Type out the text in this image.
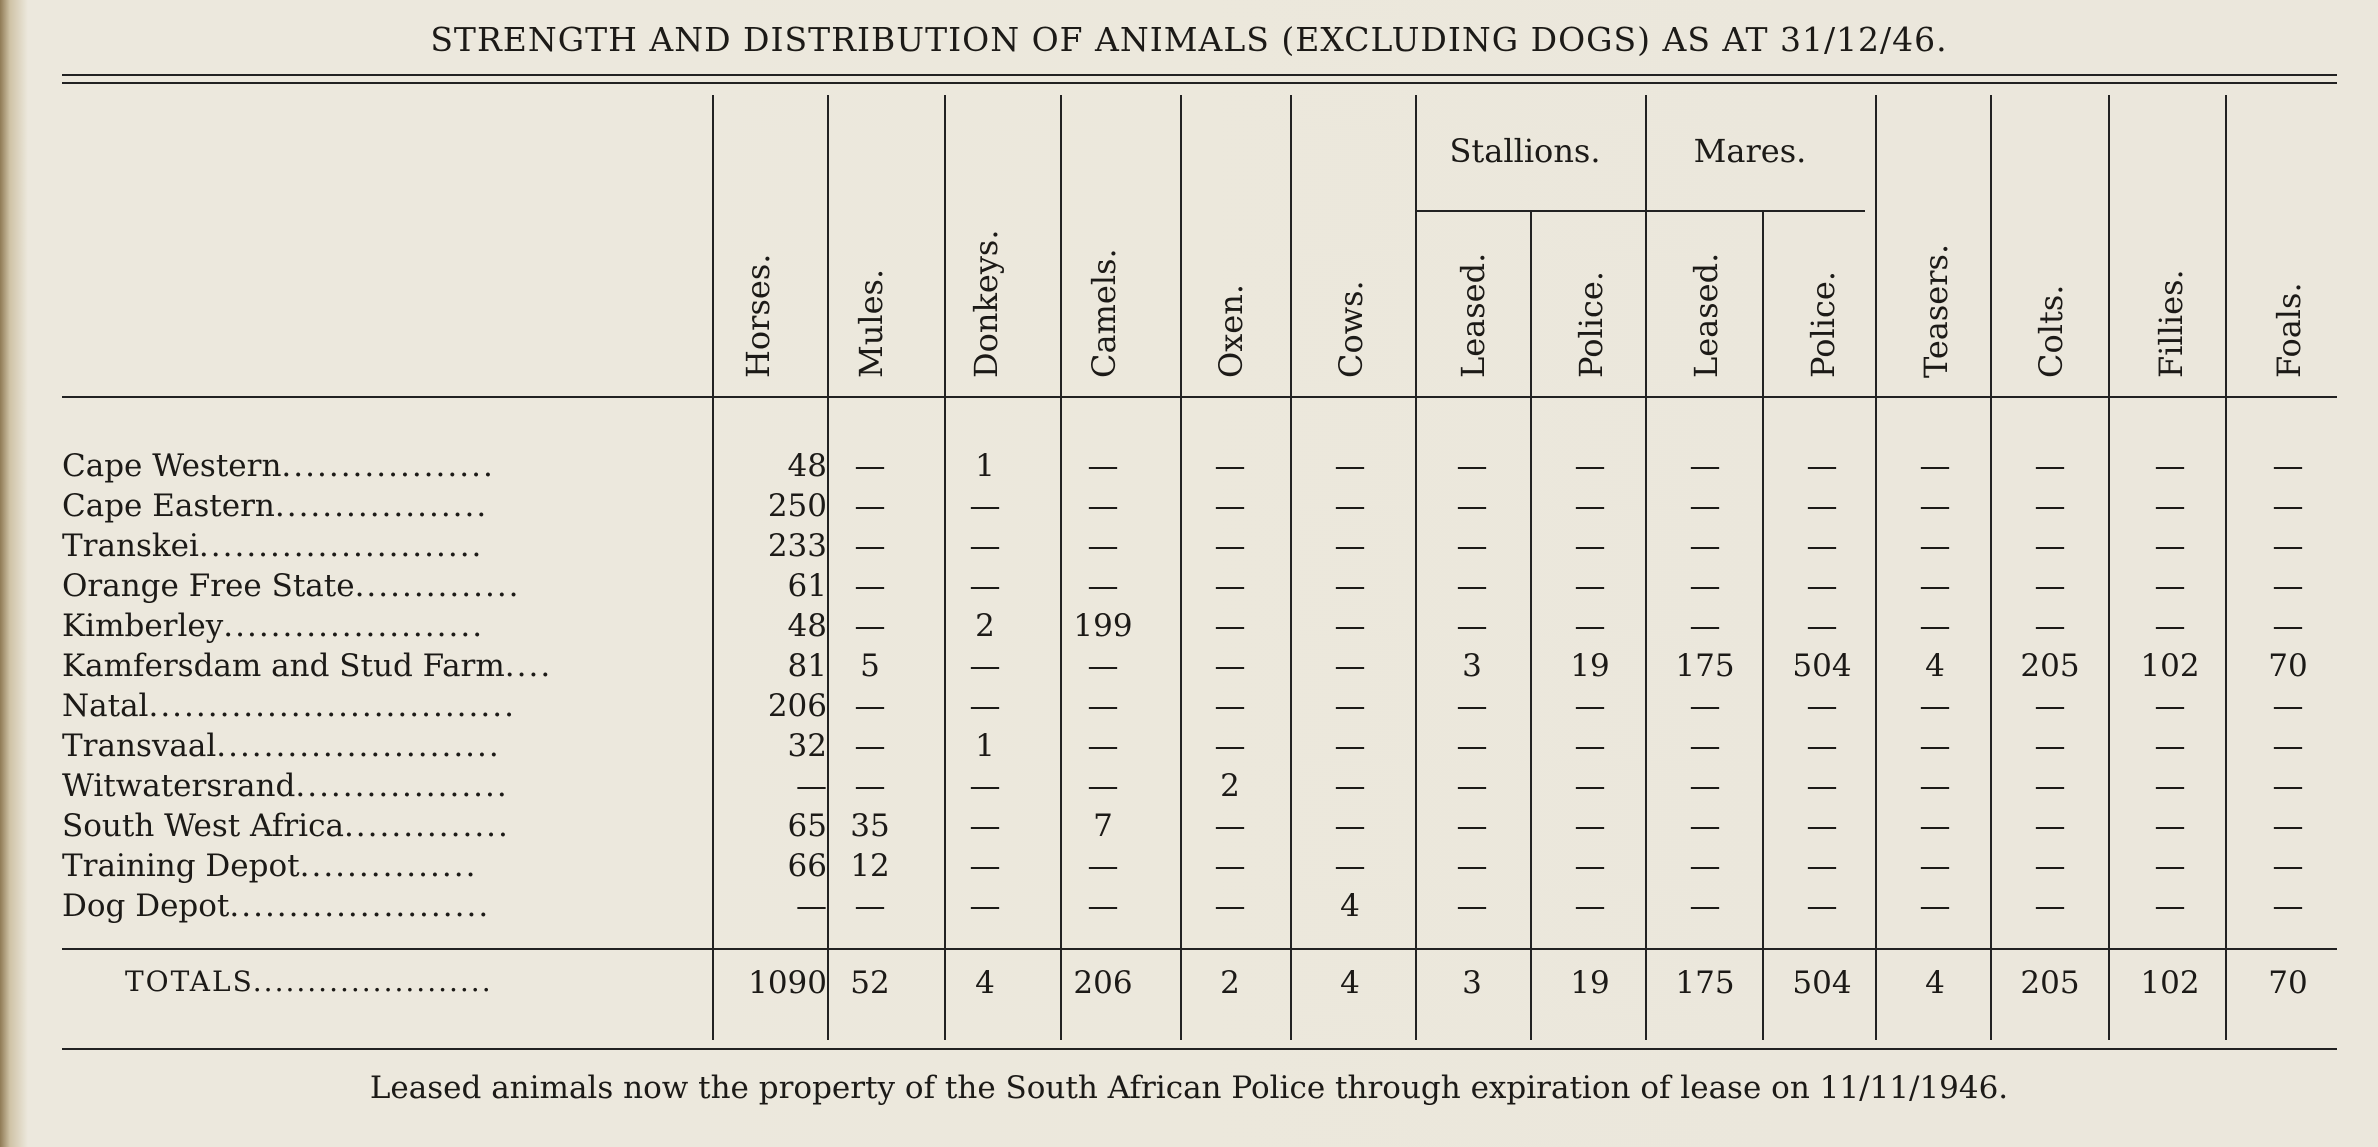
STRENGTH AND DISTRIBUTION OF ANIMALS (EXCLUDING DOGS) AS AT 31/12/46.
Stallions.	Mares.
Horses. Mules. Donkeys.	Camels.	Oxen.	Cows.	Leased.	Police. Leased. Police. Teasers. Colts.	Fillies.	Foals.
Cape Western..................	48 —	1	—	—	—	—	—	—	—	—	—	—	—
Cape Eastern..................	250 —	—	—	—	—	—	—	—	—	—	—	—	—
Transkei........................	233 —	—	—	—	—	—	—	—	—	—	—	—	—
Orange Free State..............	61 —	—	—	—	—	—	—	—	—	—	—	—	—
Kimberley......................	48 —	2	199	—	—	—	—	—	—	—	—	—	—
Kamfersdam and Stud Farm....	81	5	—	—	—	—	3	19	175	504	4	205	102	70
Natal...............................	206 —	—	—	—	—	—	—	—	—	—	—	—	—
Transvaal........................	32 —	1	—	—	—	—	—	—	—	—	—	—	—
Witwatersrand..................	— —	—	—	2	—	—	—	—	—	—	—	—	—
South West Africa..............	65 35	—	7	—	—	—	—	—	—	—	—	—	—
Training Depot...............	66 12	—	—	—	—	—	—	—	—	—	—	—	—
Dog Depot......................	— —	—	—	—	4	—	—	—	—	—	—	—	—
TOTALS......................	1090 52	4	206	2	4	3	19	175	504	4	205	102	70
Leased animals now the property of the South African Police through expiration of lease on 11/11/1946.
